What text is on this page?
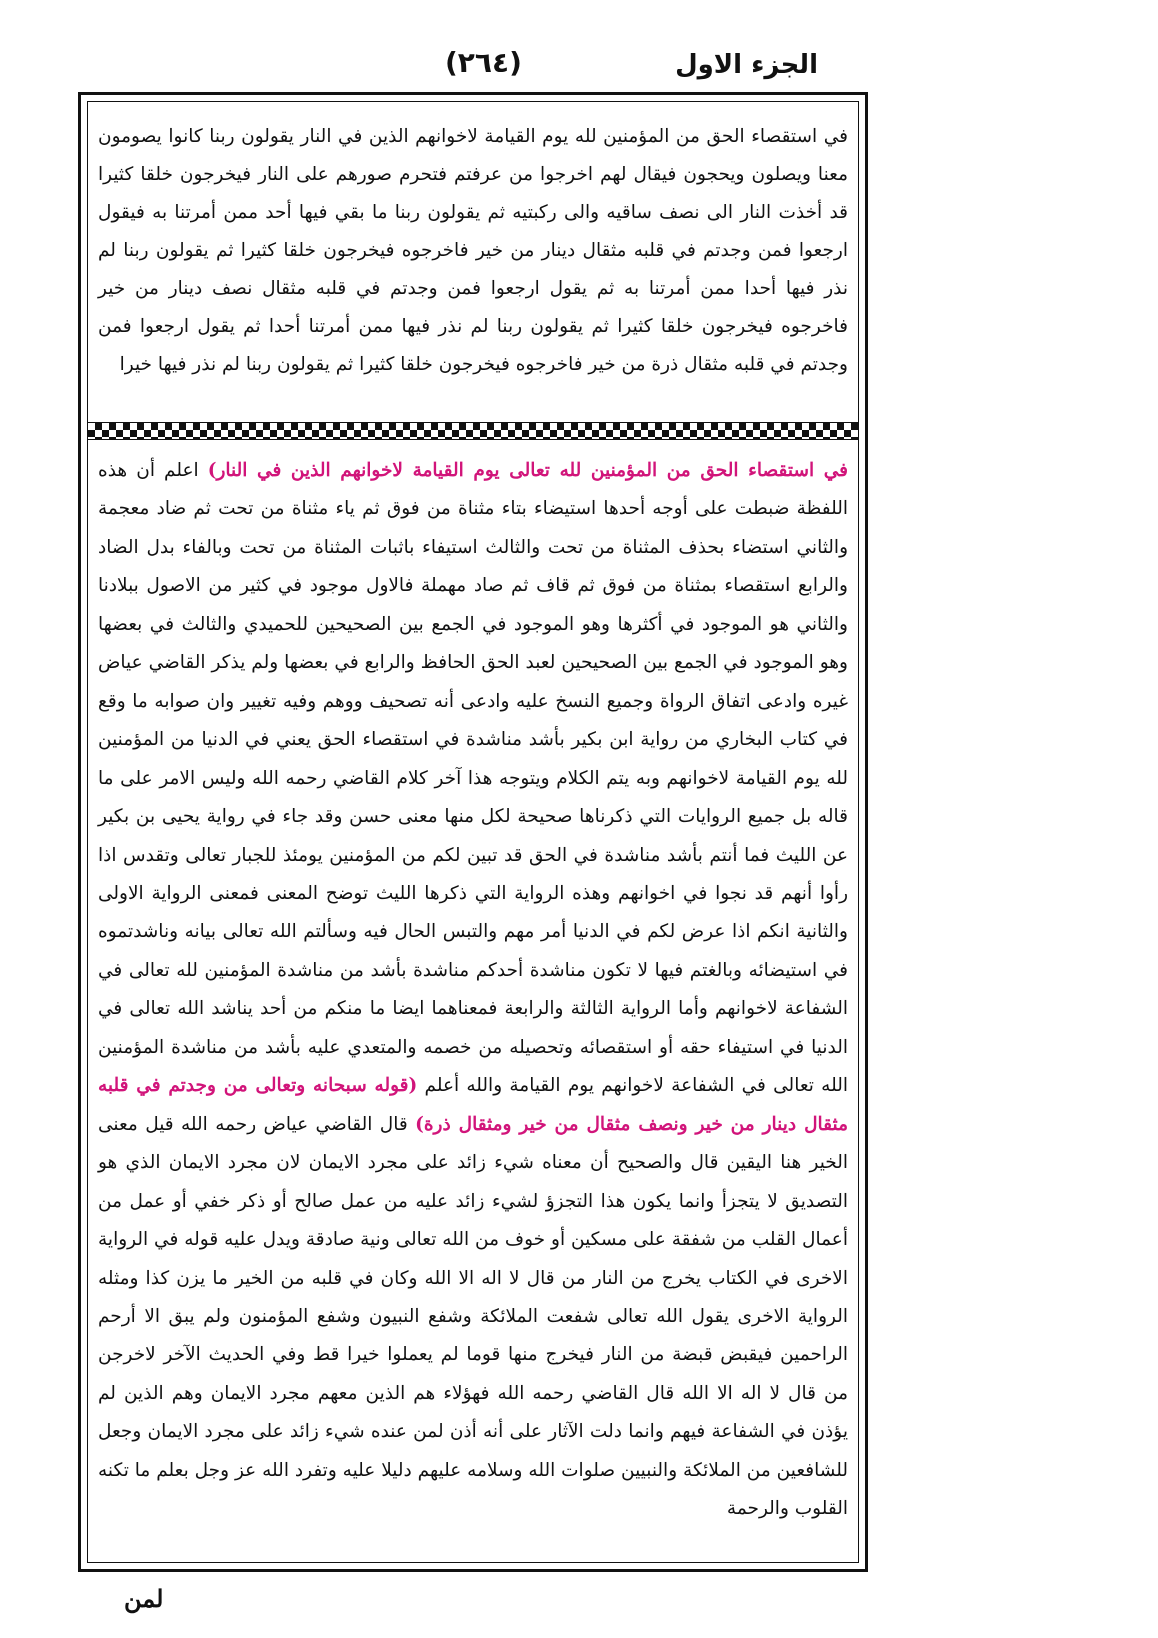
الجزء الاول
(٢٦٤)
في استقصاء الحق من المؤمنين لله يوم القيامة لاخوانهم الذين في النار يقولون ربنا كانوا يصومون معنا ويصلون ويحجون فيقال لهم اخرجوا من عرفتم فتحرم صورهم على النار فيخرجون خلقا كثيرا قد أخذت النار الى نصف ساقيه والى ركبتيه ثم يقولون ربنا ما بقي فيها أحد ممن أمرتنا به فيقول ارجعوا فمن وجدتم في قلبه مثقال دينار من خير فاخرجوه فيخرجون خلقا كثيرا ثم يقولون ربنا لم نذر فيها أحدا ممن أمرتنا به ثم يقول ارجعوا فمن وجدتم في قلبه مثقال نصف دينار من خير فاخرجوه فيخرجون خلقا كثيرا ثم يقولون ربنا لم نذر فيها ممن أمرتنا أحدا ثم يقول ارجعوا فمن وجدتم في قلبه مثقال ذرة من خير فاخرجوه فيخرجون خلقا كثيرا ثم يقولون ربنا لم نذر فيها خيرا
في استقصاء الحق من المؤمنين لله تعالى يوم القيامة لاخوانهم الذين في النار) اعلم أن هذه اللفظة ضبطت على أوجه أحدها استيضاء بتاء مثناة من فوق ثم ياء مثناة من تحت ثم ضاد معجمة والثاني استضاء بحذف المثناة من تحت والثالث استيفاء باثبات المثناة من تحت وبالفاء بدل الضاد والرابع استقصاء بمثناة من فوق ثم قاف ثم صاد مهملة فالاول موجود في كثير من الاصول ببلادنا والثاني هو الموجود في أكثرها وهو الموجود في الجمع بين الصحيحين للحميدي والثالث في بعضها وهو الموجود في الجمع بين الصحيحين لعبد الحق الحافظ والرابع في بعضها ولم يذكر القاضي عياض غيره وادعى اتفاق الرواة وجميع النسخ عليه وادعى أنه تصحيف ووهم وفيه تغيير وان صوابه ما وقع في كتاب البخاري من رواية ابن بكير بأشد مناشدة في استقصاء الحق يعني في الدنيا من المؤمنين لله يوم القيامة لاخوانهم وبه يتم الكلام ويتوجه هذا آخر كلام القاضي رحمه الله وليس الامر على ما قاله بل جميع الروايات التي ذكرناها صحيحة لكل منها معنى حسن وقد جاء في رواية يحيى بن بكير عن الليث فما أنتم بأشد مناشدة في الحق قد تبين لكم من المؤمنين يومئذ للجبار تعالى وتقدس اذا رأوا أنهم قد نجوا في اخوانهم وهذه الرواية التي ذكرها الليث توضح المعنى فمعنى الرواية الاولى والثانية انكم اذا عرض لكم في الدنيا أمر مهم والتبس الحال فيه وسألتم الله تعالى بيانه وناشدتموه في استيضائه وبالغتم فيها لا تكون مناشدة أحدكم مناشدة بأشد من مناشدة المؤمنين لله تعالى في الشفاعة لاخوانهم وأما الرواية الثالثة والرابعة فمعناهما ايضا ما منكم من أحد يناشد الله تعالى في الدنيا في استيفاء حقه أو استقصائه وتحصيله من خصمه والمتعدي عليه بأشد من مناشدة المؤمنين الله تعالى في الشفاعة لاخوانهم يوم القيامة والله أعلم (قوله سبحانه وتعالى من وجدتم في قلبه مثقال دينار من خير ونصف مثقال من خير ومثقال ذرة) قال القاضي عياض رحمه الله قيل معنى الخير هنا اليقين قال والصحيح أن معناه شيء زائد على مجرد الايمان لان مجرد الايمان الذي هو التصديق لا يتجزأ وانما يكون هذا التجزؤ لشيء زائد عليه من عمل صالح أو ذكر خفي أو عمل من أعمال القلب من شفقة على مسكين أو خوف من الله تعالى ونية صادقة ويدل عليه قوله في الرواية الاخرى في الكتاب يخرج من النار من قال لا اله الا الله وكان في قلبه من الخير ما يزن كذا ومثله الرواية الاخرى يقول الله تعالى شفعت الملائكة وشفع النبيون وشفع المؤمنون ولم يبق الا أرحم الراحمين فيقبض قبضة من النار فيخرج منها قوما لم يعملوا خيرا قط وفي الحديث الآخر لاخرجن من قال لا اله الا الله قال القاضي رحمه الله فهؤلاء هم الذين معهم مجرد الايمان وهم الذين لم يؤذن في الشفاعة فيهم وانما دلت الآثار على أنه أذن لمن عنده شيء زائد على مجرد الايمان وجعل للشافعين من الملائكة والنبيين صلوات الله وسلامه عليهم دليلا عليه وتفرد الله عز وجل بعلم ما تكنه القلوب والرحمة
لمن
